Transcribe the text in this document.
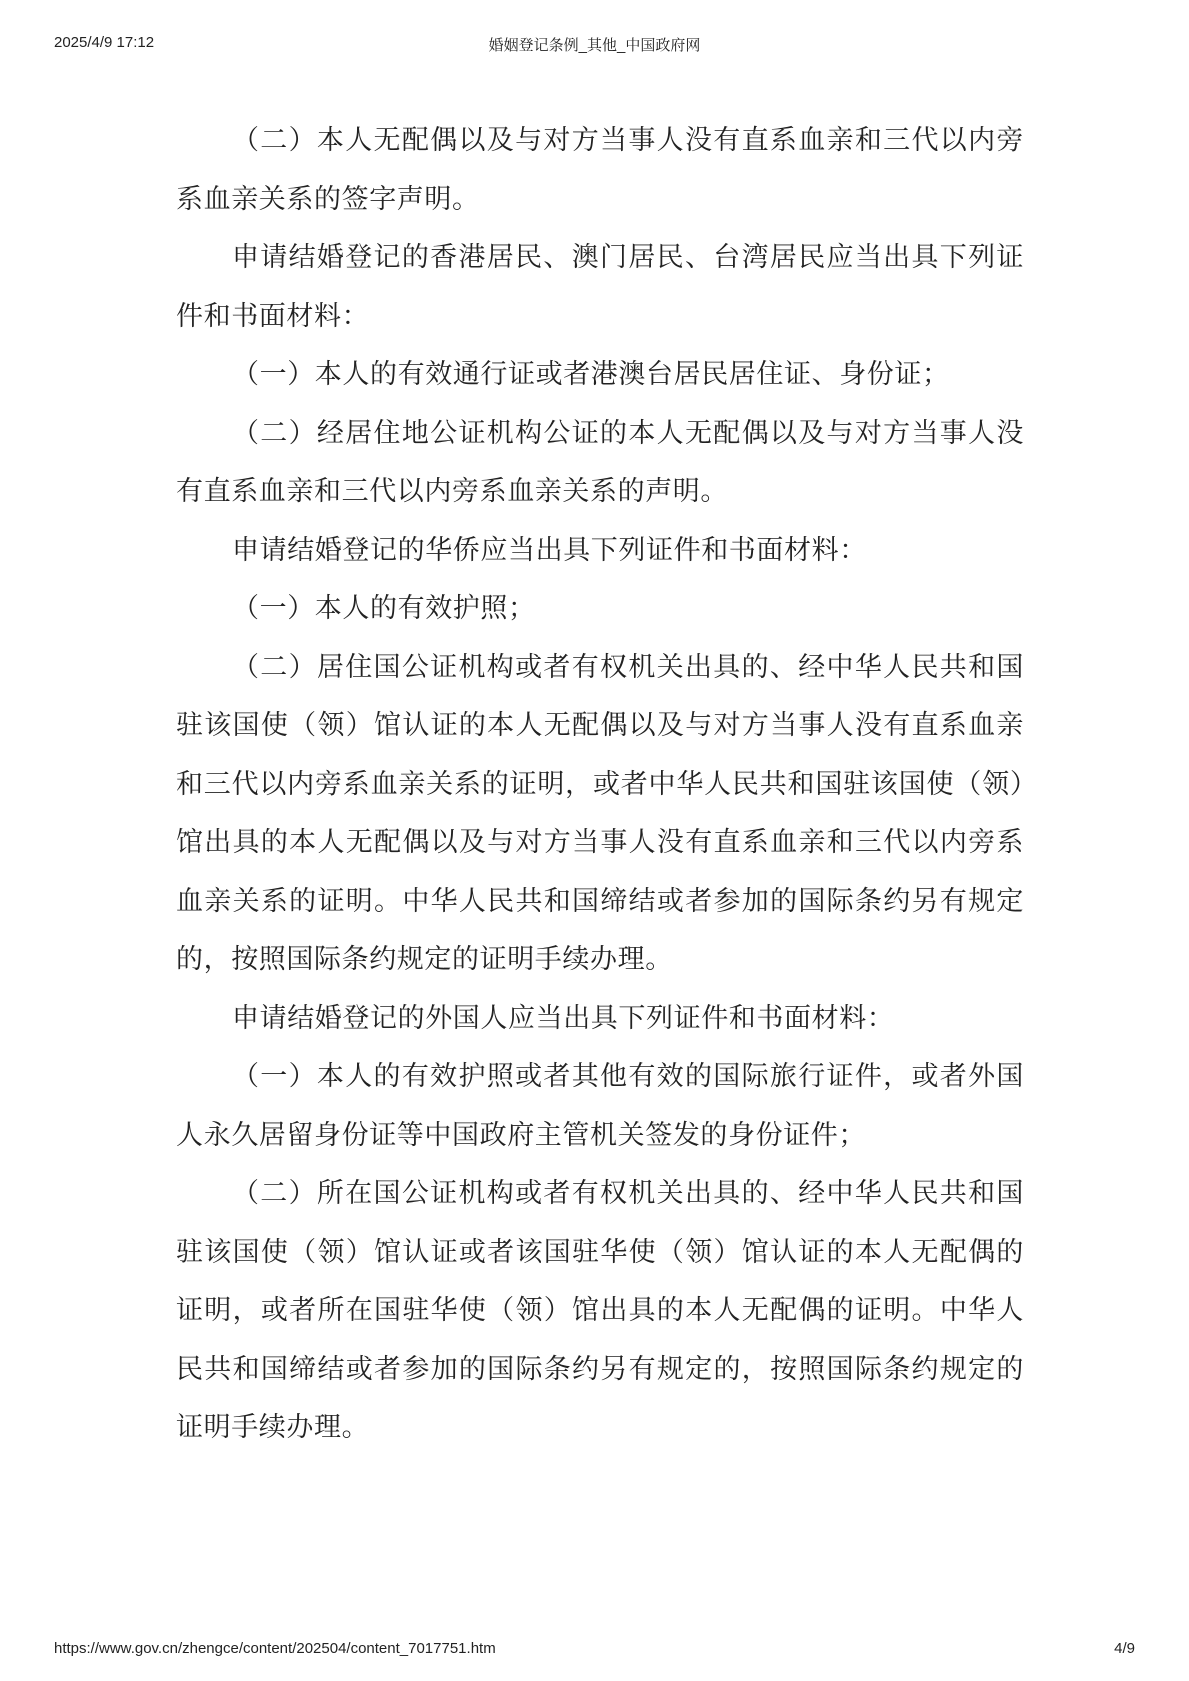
2025/4/9 17:12	婚姻登记条例_其他_中国政府网

（二）本人无配偶以及与对方当事人没有直系血亲和三代以内旁系血亲关系的签字声明。

申请结婚登记的香港居民、澳门居民、台湾居民应当出具下列证件和书面材料：

（一）本人的有效通行证或者港澳台居民居住证、身份证；

（二）经居住地公证机构公证的本人无配偶以及与对方当事人没有直系血亲和三代以内旁系血亲关系的声明。

申请结婚登记的华侨应当出具下列证件和书面材料：

（一）本人的有效护照；

（二）居住国公证机构或者有权机关出具的、经中华人民共和国驻该国使（领）馆认证的本人无配偶以及与对方当事人没有直系血亲和三代以内旁系血亲关系的证明，或者中华人民共和国驻该国使（领）馆出具的本人无配偶以及与对方当事人没有直系血亲和三代以内旁系血亲关系的证明。中华人民共和国缔结或者参加的国际条约另有规定的，按照国际条约规定的证明手续办理。

申请结婚登记的外国人应当出具下列证件和书面材料：

（一）本人的有效护照或者其他有效的国际旅行证件，或者外国人永久居留身份证等中国政府主管机关签发的身份证件；

（二）所在国公证机构或者有权机关出具的、经中华人民共和国驻该国使（领）馆认证或者该国驻华使（领）馆认证的本人无配偶的证明，或者所在国驻华使（领）馆出具的本人无配偶的证明。中华人民共和国缔结或者参加的国际条约另有规定的，按照国际条约规定的证明手续办理。

https://www.gov.cn/zhengce/content/202504/content_7017751.htm	4/9
